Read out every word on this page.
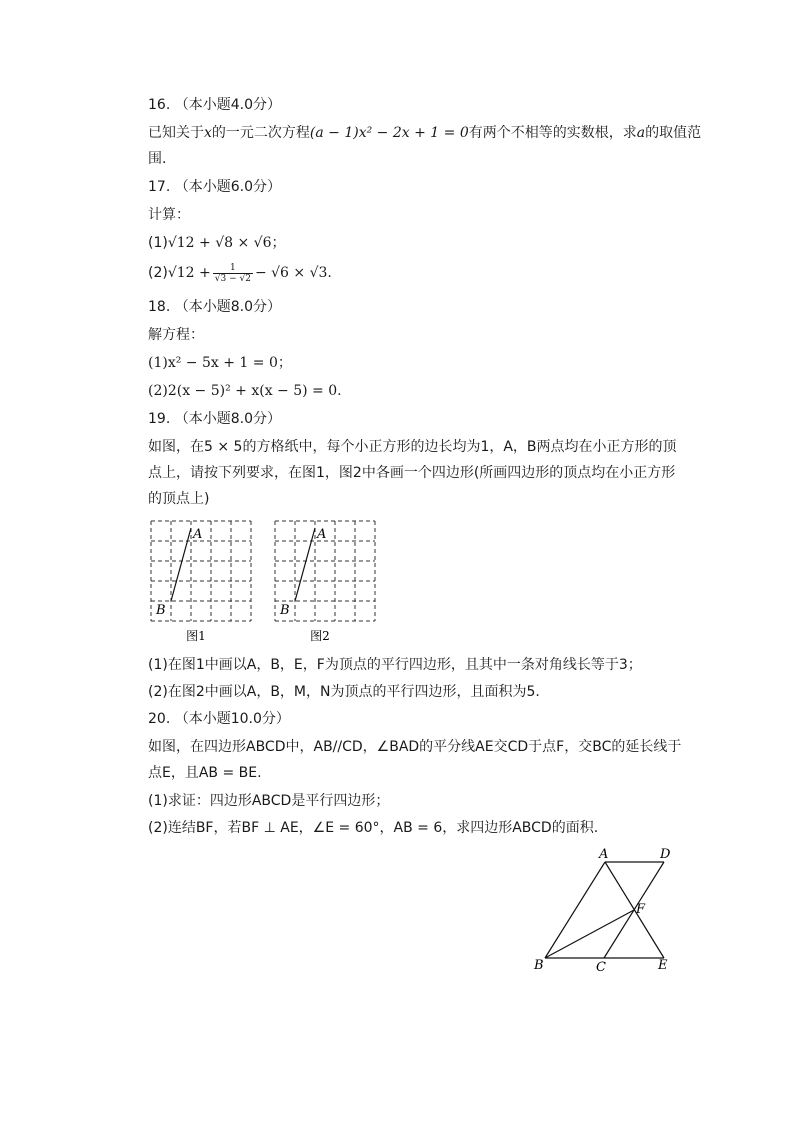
16. （本小题4.0分）
已知关于x的一元二次方程(a − 1)x² − 2x + 1 = 0有两个不相等的实数根，求a的取值范
围.
17. （本小题6.0分）
计算：
(1)√12 + √8 × √6；
$(2)√12 + \frac{1}{√3 - √2} - √6 \times √3$.
18. （本小题8.0分）
解方程：
(1)x² − 5x + 1 = 0；
(2)2(x − 5)² + x(x − 5) = 0.
19. （本小题8.0分）
如图，在5 × 5的方格纸中，每个小正方形的边长均为1，A，B两点均在小正方形的顶
点上，请按下列要求，在图1，图2中各画一个四边形(所画四边形的顶点均在小正方形
的顶点上)
A
B
图1
A
B
图2
(1)在图1中画以A，B，E，F为顶点的平行四边形，且其中一条对角线长等于3；
(2)在图2中画以A，B，M，N为顶点的平行四边形，且面积为5.
20. （本小题10.0分）
如图，在四边形ABCD中，AB//CD，∠BAD的平分线AE交CD于点F，交BC的延长线于
点E，且AB = BE.
(1)求证：四边形ABCD是平行四边形；
(2)连结BF，若BF ⊥ AE，∠E = 60°，AB = 6，求四边形ABCD的面积.
A	D
F
B	C	E
